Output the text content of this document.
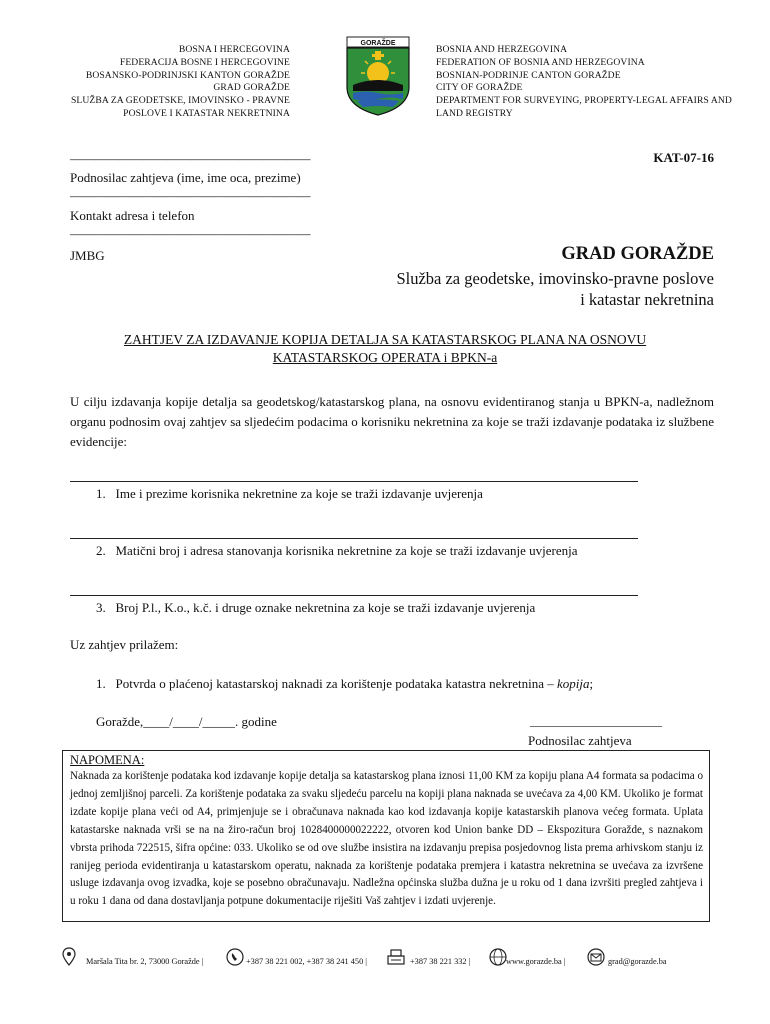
BOSNA I HERCEGOVINA
FEDERACIJA BOSNE I HERCEGOVINE
BOSANSKO-PODRINJSKI KANTON GORAŽDE
GRAD GORAŽDE
SLUŽBA ZA GEODETSKE, IMOVINSKO - PRAVNE
POSLOVE I KATASTAR NEKRETNINA
GORAŽDE
BOSNIA AND HERZEGOVINA
FEDERATION OF BOSNIA AND HERZEGOVINA
BOSNIAN-PODRINJE CANTON GORAŽDE
CITY OF GORAŽDE
DEPARTMENT FOR SURVEYING, PROPERTY-LEGAL AFFAIRS AND
LAND REGISTRY
KAT-07-16
————————————————————
Podnosilac zahtjeva (ime, ime oca, prezime)
————————————————————
Kontakt adresa i telefon
————————————————————
JMBG	GRAD GORAŽDE
Služba za geodetske, imovinsko-pravne poslove
i katastar nekretnina
ZAHTJEV ZA IZDAVANJE KOPIJA DETALJA SA KATASTARSKOG PLANA NA OSNOVU
KATASTARSKOG OPERATA i BPKN-a
U cilju izdavanja kopije detalja sa geodetskog/katastarskog plana, na osnovu evidentiranog stanja u BPKN-a, nadležnom organu podnosim ovaj zahtjev sa sljedećim podacima o korisniku nekretnina za koje se traži izdavanje podataka iz službene evidencije:
1. Ime i prezime korisnika nekretnine za koje se traži izdavanje uvjerenja
2. Matični broj i adresa stanovanja korisnika nekretnine za koje se traži izdavanje uvjerenja
3. Broj P.l., K.o., k.č. i druge oznake nekretnina za koje se traži izdavanje uvjerenja
Uz zahtjev prilažem:
1. Potvrda o plaćenoj katastarskoj naknadi za korištenje podataka katastra nekretnina – kopija;
Goražde,____/____/_____. godine	______________________
Podnosilac zahtjeva
NAPOMENA:
Naknada za korištenje podataka kod izdavanje kopije detalja sa katastarskog plana iznosi 11,00 KM za kopiju plana A4 formata sa podacima o jednoj zemljišnoj parceli. Za korištenje podataka za svaku sljedeću parcelu na kopiji plana naknada se uvećava za 4,00 KM. Ukoliko je format izdate kopije plana veći od A4, primjenjuje se i obračunava naknada kao kod izdavanja kopije katastarskih planova većeg formata. Uplata katastarske naknada vrši se na na žiro-račun broj 1028400000022222, otvoren kod Union banke DD – Ekspozitura Goražde, s naznakom vbrsta prihoda 722515, šifra općine: 033. Ukoliko se od ove službe insistira na izdavanju prepisa posjedovnog lista prema arhivskom stanju iz ranijeg perioda evidentiranja u katastarskom operatu, naknada za korištenje podataka premjera i katastra nekretnina se uvećava za izvršene usluge izdavanja ovog izvadka, koje se posebno obračunavaju. Nadležna općinska služba dužna je u roku od 1 dana izvršiti pregled zahtjeva i u roku 1 dana od dana dostavljanja potpune dokumentacije riješiti Vaš zahtjev i izdati uvjerenje.
Maršala Tita br. 2, 73000 Goražde |	+387 38 221 002, +387 38 241 450 |	+387 38 221 332 |	www.gorazde.ba |	grad@gorazde.ba
